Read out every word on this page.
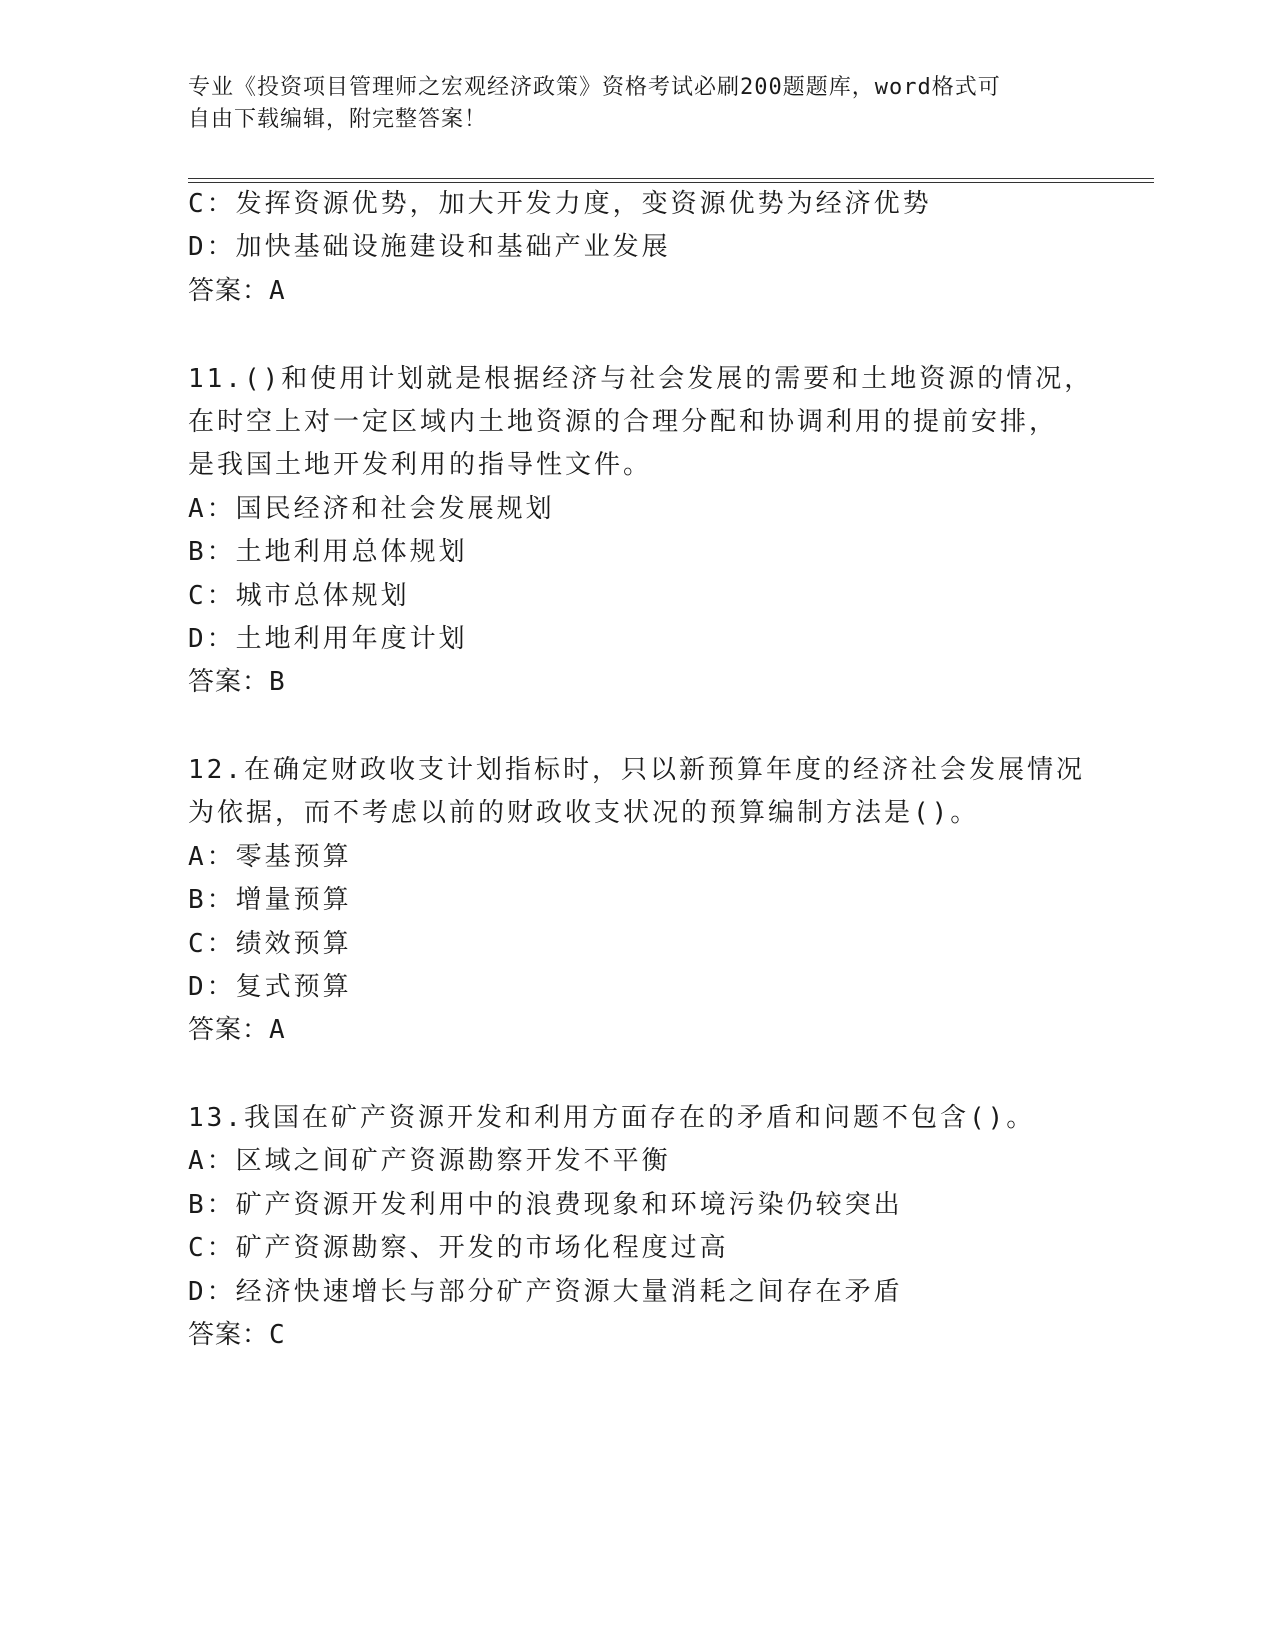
专业《投资项目管理师之宏观经济政策》资格考试必刷200题题库，word格式可

自由下载编辑，附完整答案！

C：发挥资源优势，加大开发力度，变资源优势为经济优势

D：加快基础设施建设和基础产业发展

答案：A

11.()和使用计划就是根据经济与社会发展的需要和土地资源的情况，

在时空上对一定区域内土地资源的合理分配和协调利用的提前安排，

是我国土地开发利用的指导性文件。

A：国民经济和社会发展规划

B：土地利用总体规划

C：城市总体规划

D：土地利用年度计划

答案：B

12.在确定财政收支计划指标时，只以新预算年度的经济社会发展情况

为依据，而不考虑以前的财政收支状况的预算编制方法是()。

A：零基预算

B：增量预算

C：绩效预算

D：复式预算

答案：A

13.我国在矿产资源开发和利用方面存在的矛盾和问题不包含()。

A：区域之间矿产资源勘察开发不平衡

B：矿产资源开发利用中的浪费现象和环境污染仍较突出

C：矿产资源勘察、开发的市场化程度过高

D：经济快速增长与部分矿产资源大量消耗之间存在矛盾

答案：C
